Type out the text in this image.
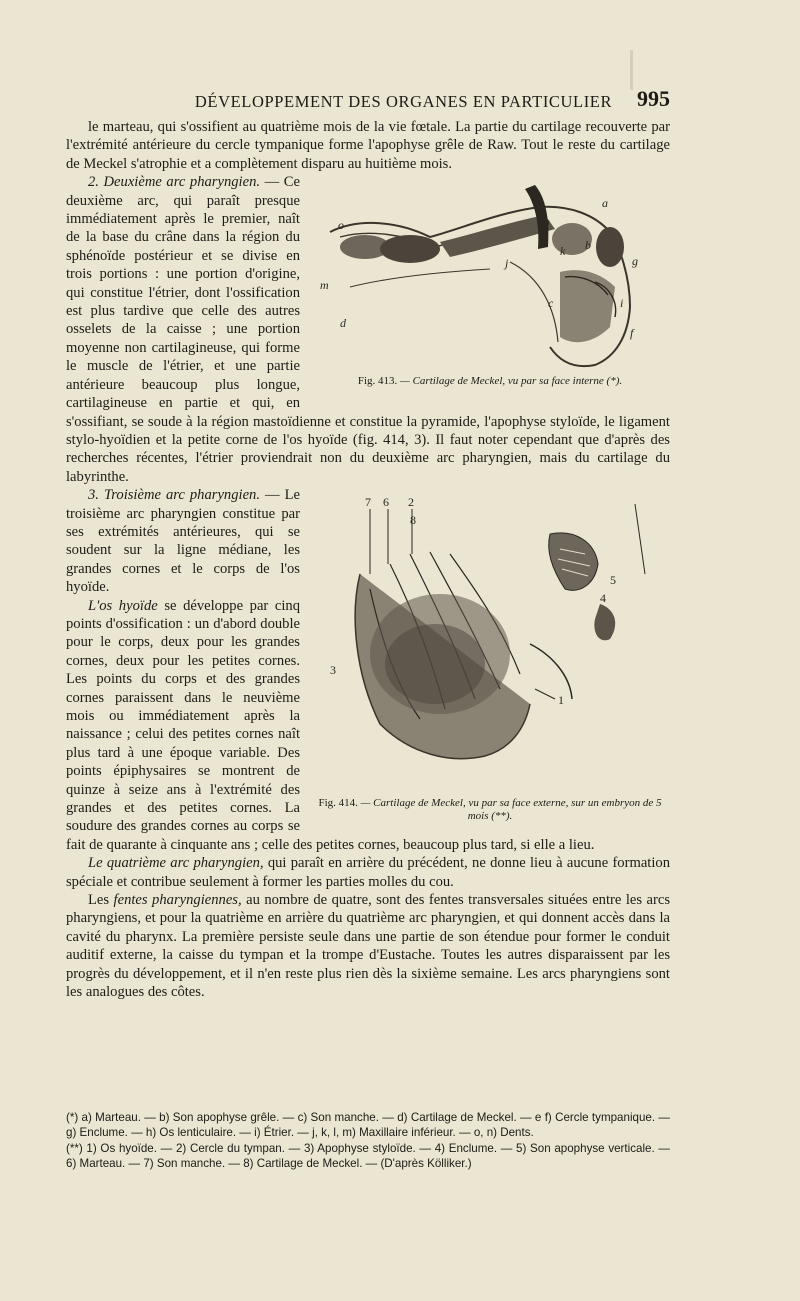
DÉVELOPPEMENT DES ORGANES EN PARTICULIER 995

le marteau, qui s'ossifient au quatrième mois de la vie fœtale. La partie du cartilage recouverte par l'extrémité antérieure du cercle tympanique forme l'apophyse grêle de Raw. Tout le reste du cartilage de Meckel s'atrophie et a complètement disparu au huitième mois.

o	l
k
a
b
g
c	i
f
m
d
j
Fig. 413. — Cartilage de Meckel, vu par sa face interne (*).

2. Deuxième arc pharyngien. — Ce deuxième arc, qui paraît presque immédiatement après le premier, naît de la base du crâne dans la région du sphénoïde postérieur et se divise en trois portions : une portion d'origine, qui constitue l'étrier, dont l'ossification est plus tardive que celle des autres osselets de la caisse ; une portion moyenne non cartilagineuse, qui forme le muscle de l'étrier, et une partie antérieure beaucoup plus longue, cartilagineuse en partie et qui, en s'ossifiant, se soude à la région mastoïdienne et constitue la pyramide, l'apophyse styloïde, le ligament stylo-hyoïdien et la petite corne de l'os hyoïde (fig. 414, 3). Il faut noter cependant que d'après des recherches récentes, l'étrier proviendrait non du deuxième arc pharyngien, mais du cartilage du labyrinthe.

7 6 2
8
4
5
3
1
Fig. 414. — Cartilage de Meckel, vu par sa face externe, sur un embryon de 5 mois (**).

3. Troisième arc pharyngien. — Le troisième arc pharyngien constitue par ses extrémités antérieures, qui se soudent sur la ligne médiane, les grandes cornes et le corps de l'os hyoïde.

L'os hyoïde se développe par cinq points d'ossification : un d'abord double pour le corps, deux pour les grandes cornes, deux pour les petites cornes. Les points du corps et des grandes cornes paraissent dans le neuvième mois ou immédiatement après la naissance ; celui des petites cornes naît plus tard à une époque variable. Des points épiphysaires se montrent de quinze à seize ans à l'extrémité des grandes et des petites cornes. La soudure des grandes cornes au corps se fait de quarante à cinquante ans ; celle des petites cornes, beaucoup plus tard, si elle a lieu.

Le quatrième arc pharyngien, qui paraît en arrière du précédent, ne donne lieu à aucune formation spéciale et contribue seulement à former les parties molles du cou.

Les fentes pharyngiennes, au nombre de quatre, sont des fentes transversales situées entre les arcs pharyngiens, et pour la quatrième en arrière du quatrième arc pharyngien, et qui donnent accès dans la cavité du pharynx. La première persiste seule dans une partie de son étendue pour former le conduit auditif externe, la caisse du tympan et la trompe d'Eustache. Toutes les autres disparaissent par les progrès du développement, et il n'en reste plus rien dès la sixième semaine. Les arcs pharyngiens sont les analogues des côtes.

(*) a) Marteau. — b) Son apophyse grêle. — c) Son manche. — d) Cartilage de Meckel. — e f) Cercle tympanique. — g) Enclume. — h) Os lenticulaire. — i) Étrier. — j, k, l, m) Maxillaire inférieur. — o, n) Dents.

(**) 1) Os hyoïde. — 2) Cercle du tympan. — 3) Apophyse styloïde. — 4) Enclume. — 5) Son apophyse verticale. — 6) Marteau. — 7) Son manche. — 8) Cartilage de Meckel. — (D'après Kölliker.)
